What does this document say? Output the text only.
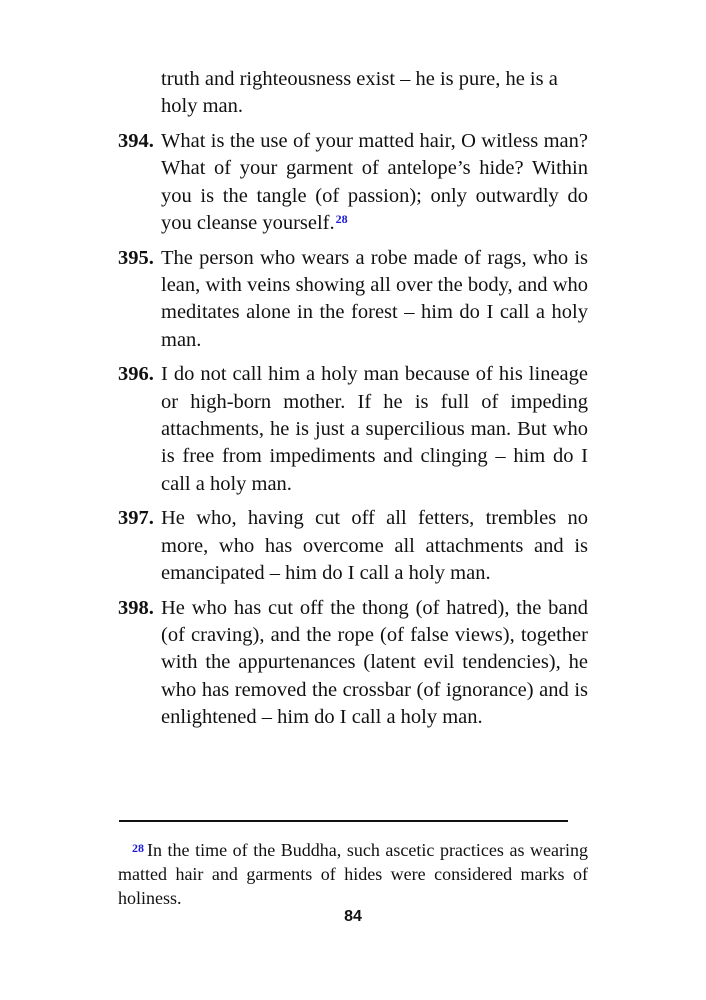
truth and righteousness exist – he is pure, he is a
holy man.
394. What is the use of your matted hair, O witless man? What of your garment of antelope’s hide? Within you is the tangle (of passion); only outwardly do you cleanse yourself.$^{28}$
395. The person who wears a robe made of rags, who is lean, with veins showing all over the body, and who meditates alone in the forest – him do I call a holy man.
396. I do not call him a holy man because of his lineage or high-born mother. If he is full of impeding attachments, he is just a supercilious man. But who is free from impediments and clinging – him do I call a holy man.
397. He who, having cut off all fetters, trembles no more, who has overcome all attachments and is emancipated – him do I call a holy man.
398. He who has cut off the thong (of hatred), the band (of craving), and the rope (of false views), together with the appurtenances (latent evil tendencies), he who has removed the crossbar (of ignorance) and is enlightened – him do I call a holy man.
$^{28}$ In the time of the Buddha, such ascetic practices as wearing matted hair and garments of hides were considered marks of holiness.
84
